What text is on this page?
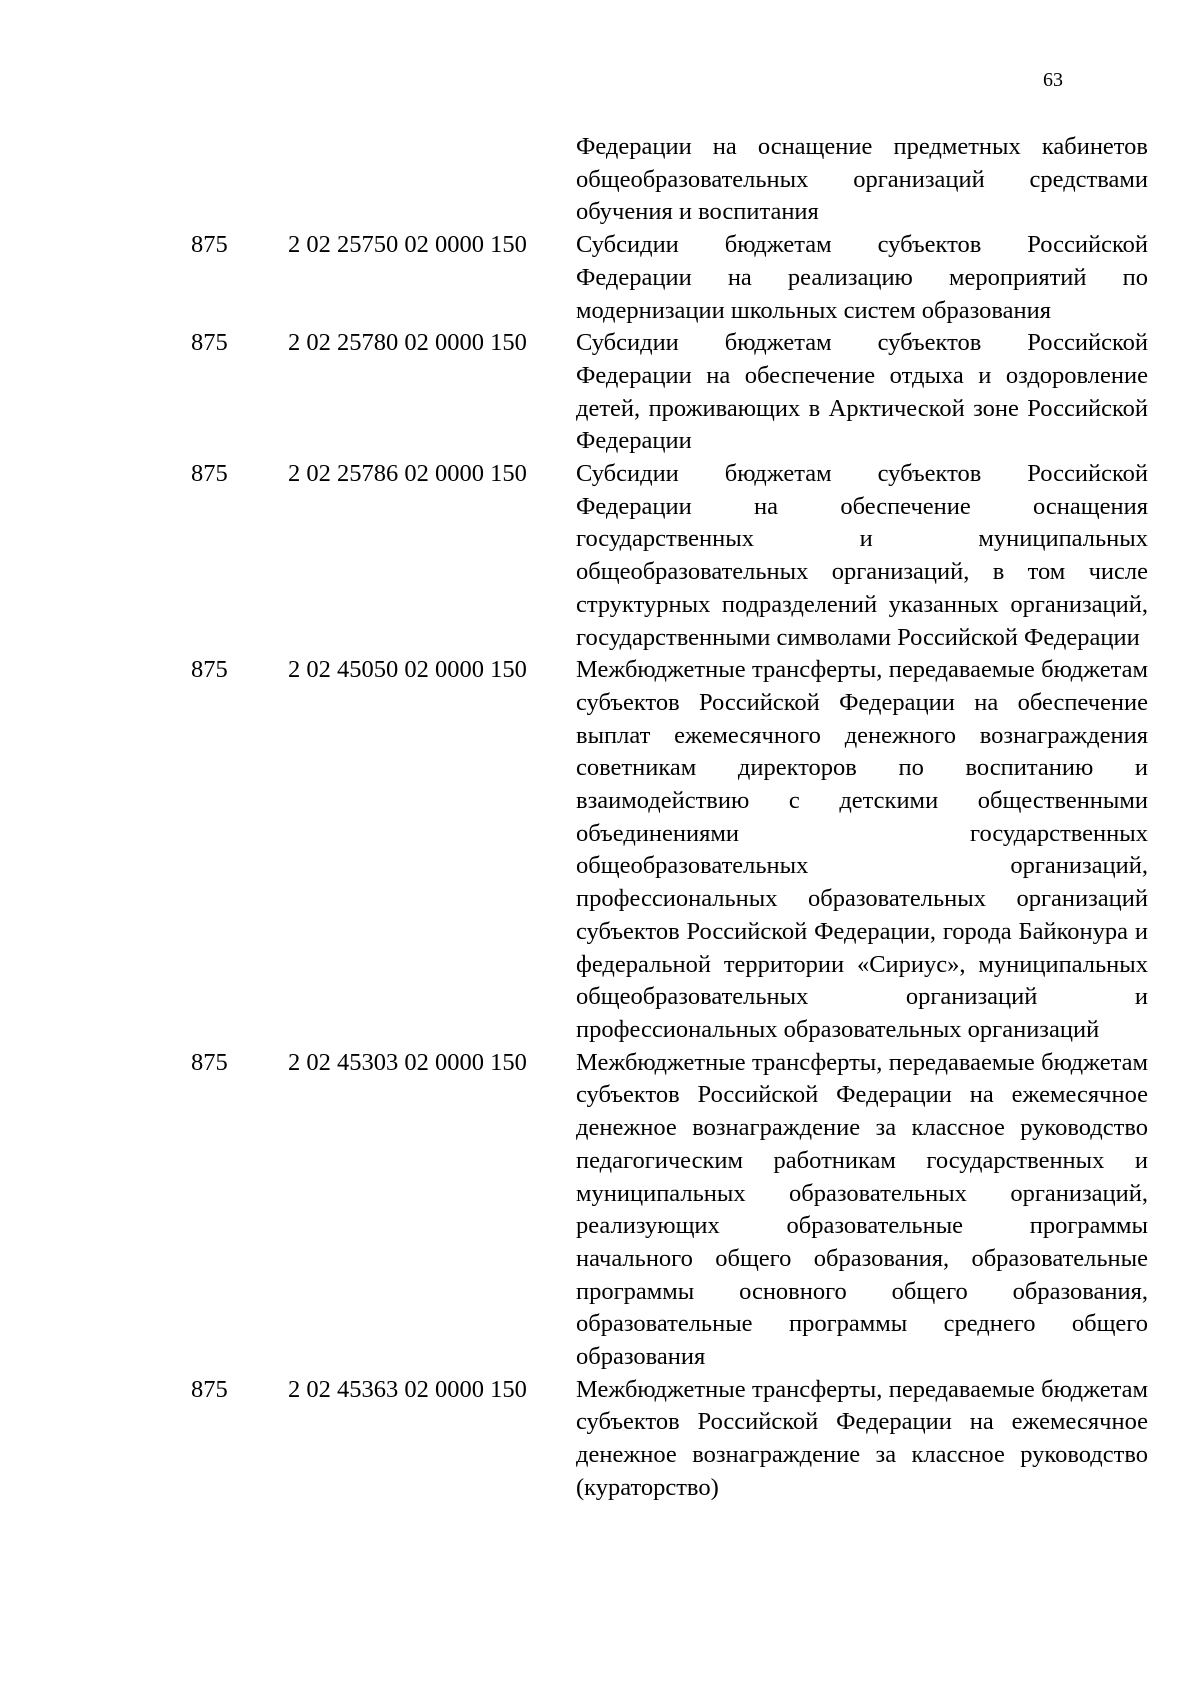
63
Федерации на оснащение предметных кабинетов общеобразовательных организаций средствами обучения и воспитания
875	2 02 25750 02 0000 150	Субсидии бюджетам субъектов Российской Федерации на реализацию мероприятий по модернизации школьных систем образования
875	2 02 25780 02 0000 150	Субсидии бюджетам субъектов Российской Федерации на обеспечение отдыха и оздоровление детей, проживающих в Арктической зоне Российской Федерации
875	2 02 25786 02 0000 150	Субсидии бюджетам субъектов Российской Федерации на обеспечение оснащения государственных и муниципальных общеобразовательных организаций, в том числе структурных подразделений указанных организаций, государственными символами Российской Федерации
875	2 02 45050 02 0000 150	Межбюджетные трансферты, передаваемые бюджетам субъектов Российской Федерации на обеспечение выплат ежемесячного денежного вознаграждения советникам директоров по воспитанию и взаимодействию с детскими общественными объединениями государственных общеобразовательных организаций, профессиональных образовательных организаций субъектов Российской Федерации, города Байконура и федеральной территории «Сириус», муниципальных общеобразовательных организаций и профессиональных образовательных организаций
875	2 02 45303 02 0000 150	Межбюджетные трансферты, передаваемые бюджетам субъектов Российской Федерации на ежемесячное денежное вознаграждение за классное руководство педагогическим работникам государственных и муниципальных образовательных организаций, реализующих образовательные программы начального общего образования, образовательные программы основного общего образования, образовательные программы среднего общего образования
875	2 02 45363 02 0000 150	Межбюджетные трансферты, передаваемые бюджетам субъектов Российской Федерации на ежемесячное денежное вознаграждение за классное руководство (кураторство)
